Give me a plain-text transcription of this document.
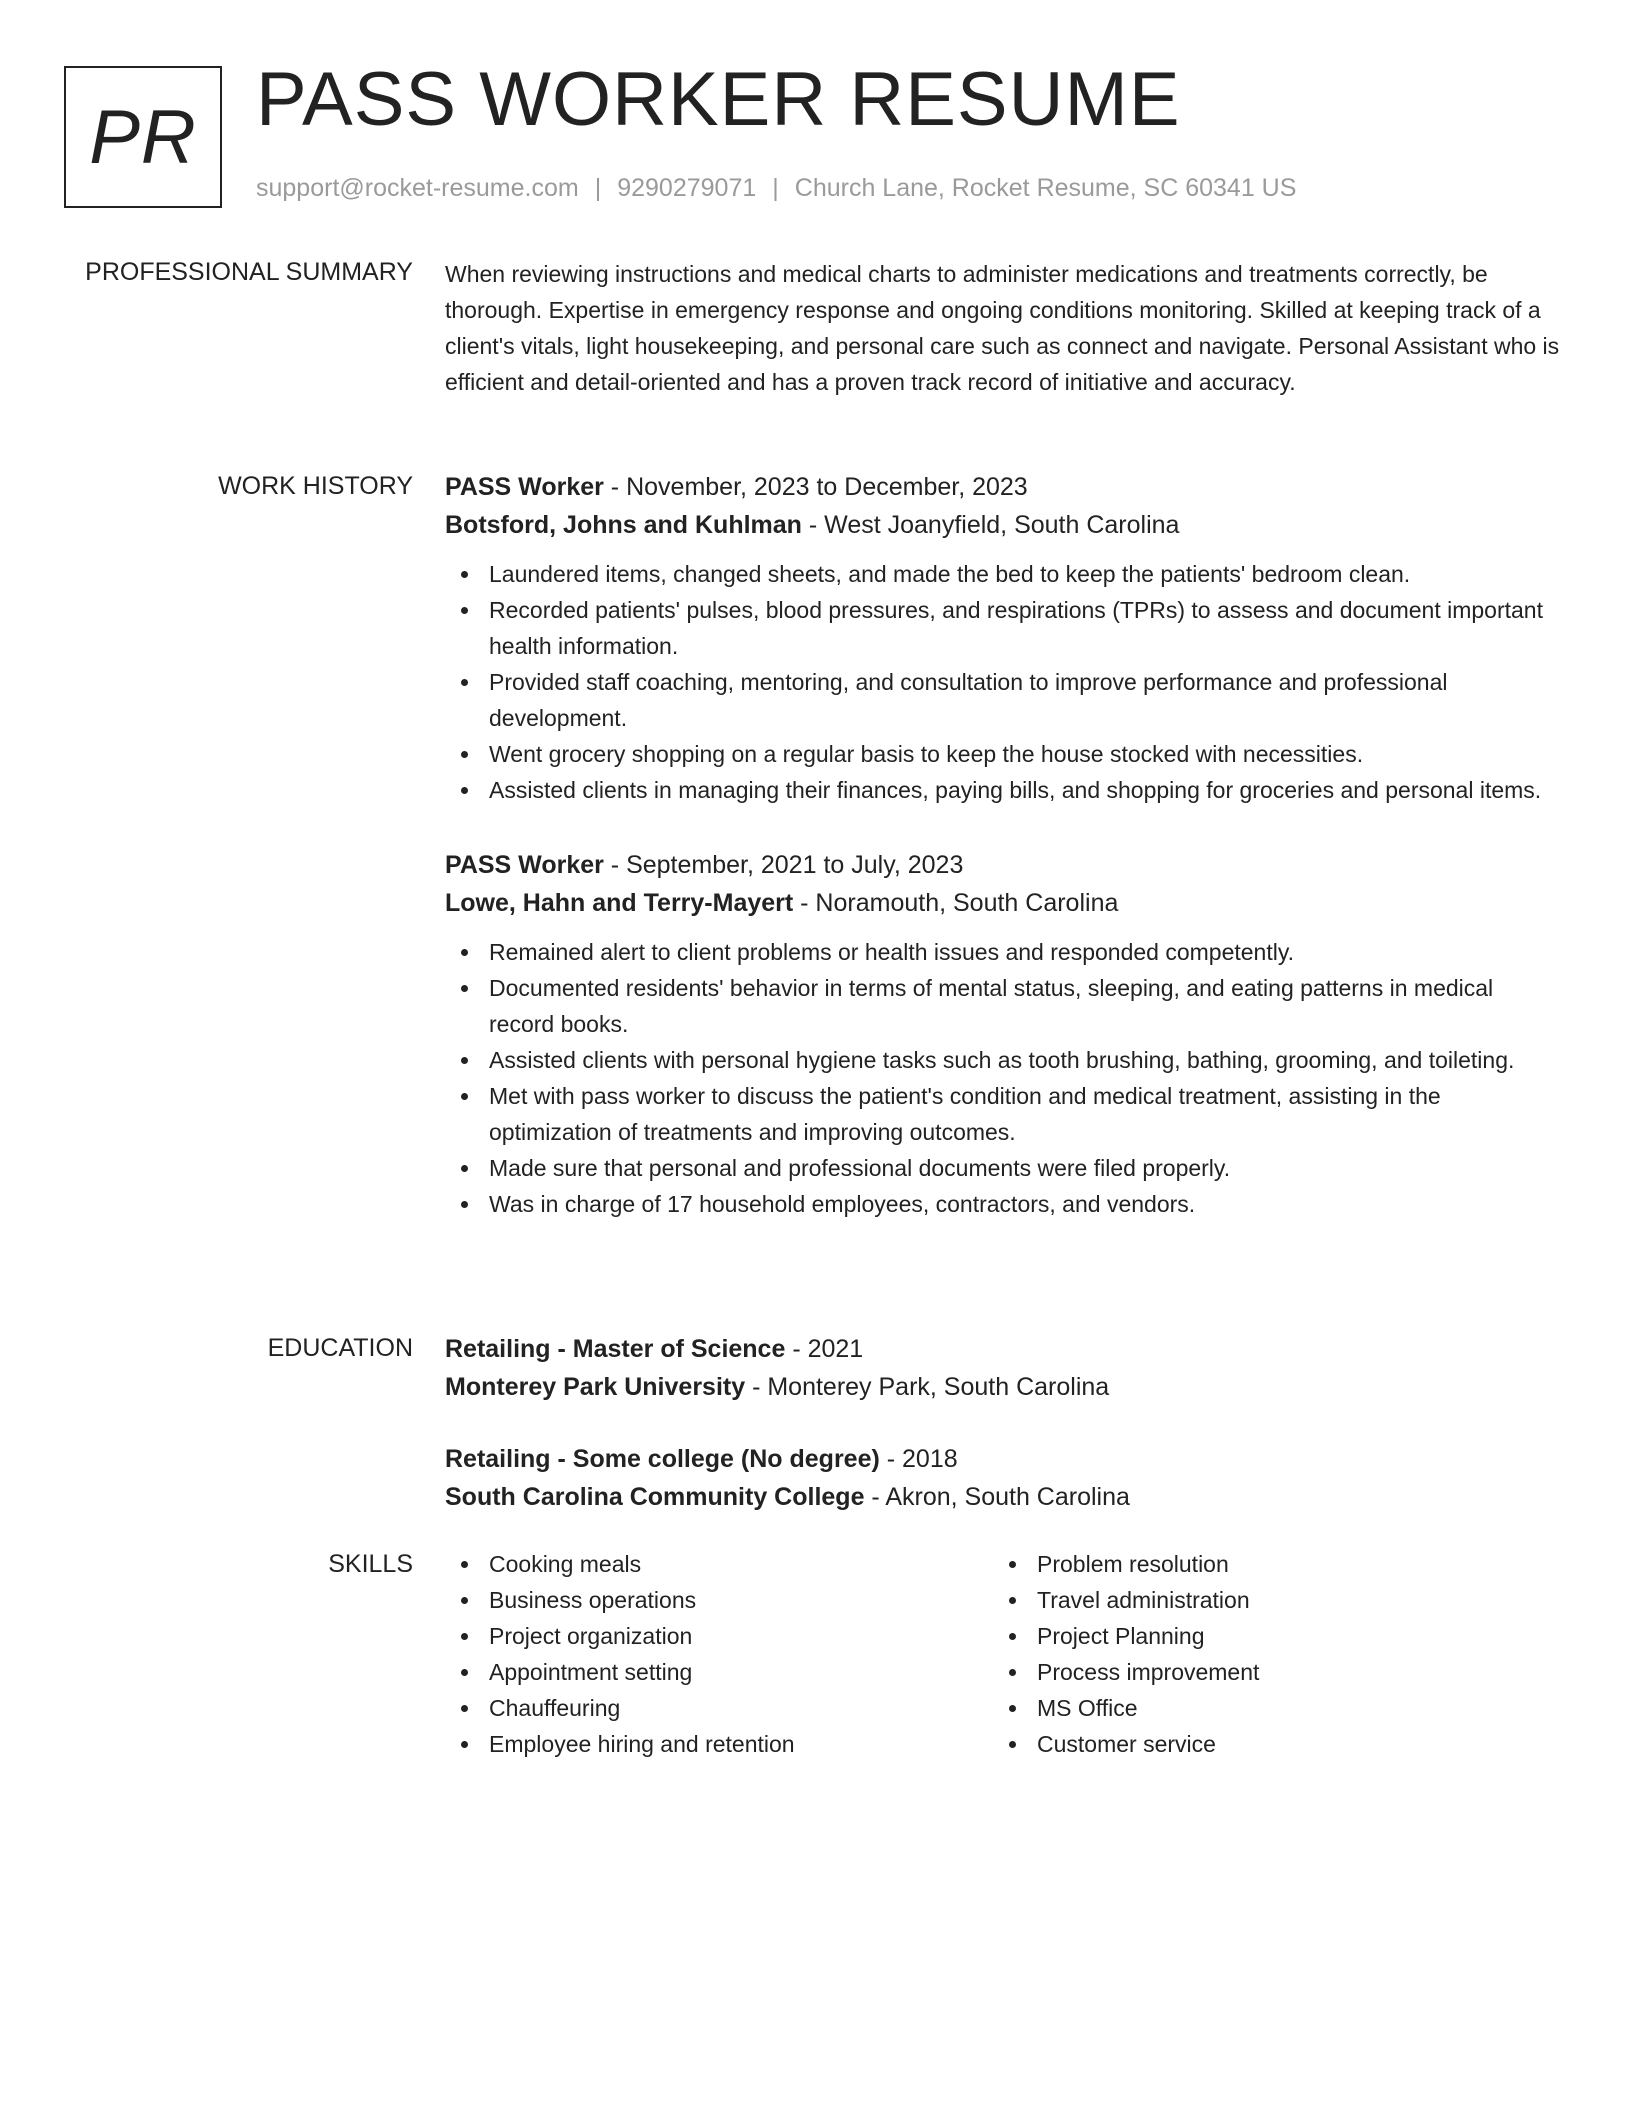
PR PASS WORKER RESUME
support@rocket-resume.com | 9290279071 | Church Lane, Rocket Resume, SC 60341 US
PROFESSIONAL SUMMARY When reviewing instructions and medical charts to administer medications and treatments correctly, be thorough. Expertise in emergency response and ongoing conditions monitoring. Skilled at keeping track of a client's vitals, light housekeeping, and personal care such as connect and navigate. Personal Assistant who is efficient and detail-oriented and has a proven track record of initiative and accuracy.

WORK HISTORY PASS Worker - November, 2023 to December, 2023
Botsford, Johns and Kuhlman - West Joanyfield, South Carolina
Laundered items, changed sheets, and made the bed to keep the patients' bedroom clean.
Recorded patients' pulses, blood pressures, and respirations (TPRs) to assess and document important health information.
Provided staff coaching, mentoring, and consultation to improve performance and professional development.
Went grocery shopping on a regular basis to keep the house stocked with necessities.
Assisted clients in managing their finances, paying bills, and shopping for groceries and personal items.
PASS Worker - September, 2021 to July, 2023
Lowe, Hahn and Terry-Mayert - Noramouth, South Carolina
Remained alert to client problems or health issues and responded competently.
Documented residents' behavior in terms of mental status, sleeping, and eating patterns in medical record books.
Assisted clients with personal hygiene tasks such as tooth brushing, bathing, grooming, and toileting.
Met with pass worker to discuss the patient's condition and medical treatment, assisting in the optimization of treatments and improving outcomes.
Made sure that personal and professional documents were filed properly.
Was in charge of 17 household employees, contractors, and vendors.
EDUCATION Retailing - Master of Science - 2021
Monterey Park University - Monterey Park, South Carolina
Retailing - Some college (No degree) - 2018
South Carolina Community College - Akron, South Carolina
SKILLS	Cooking meals
Business operations
Project organization
Appointment setting
Chauffeuring
Employee hiring and retention
Problem resolution
Travel administration
Project Planning
Process improvement
MS Office
Customer service
